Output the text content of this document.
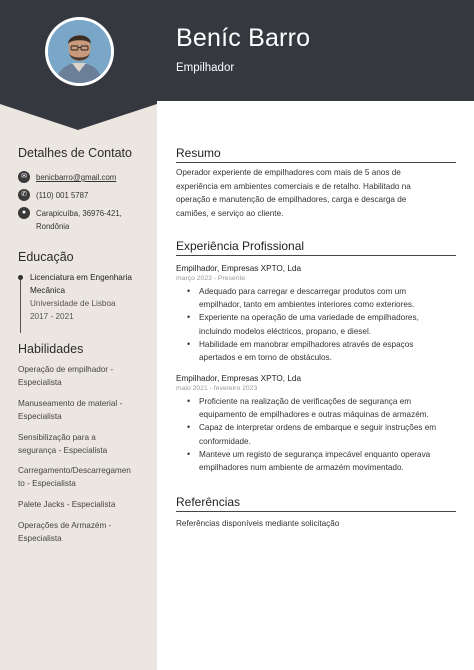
Beníc Barro
Empilhador
Detalhes de Contato
✉	benicbarro@gmail.com
✆	(110) 001 5787
●	Carapicuíba, 36976-421,
Rondônia
Educação
Licenciatura em Engenharia
Mecânica
Universidade de Lisboa
2017 - 2021
Habilidades
Operação de empilhador -
Especialista
Manuseamento de material -
Especialista
Sensibilização para a
segurança - Especialista
Carregamento/Descarregamen
to - Especialista
Palete Jacks - Especialista
Operações de Armazém -
Especialista
Resumo
Operador experiente de empilhadores com mais de 5 anos de
experiência em ambientes comerciais e de retalho. Habilitado na
operação e manutenção de empilhadores, carga e descarga de
camiões, e serviço ao cliente.
Experiência Profissional
Empilhador, Empresas XPTO, Lda
março 2023 - Presente
• Adequado para carregar e descarregar produtos com um
empilhador, tanto em ambientes interiores como exteriores.
• Experiente na operação de uma variedade de empilhadores,
incluindo modelos eléctricos, propano, e diesel.
• Habilidade em manobrar empilhadores através de espaços
apertados e em torno de obstáculos.
Empilhador, Empresas XPTO, Lda
maio 2021 - fevereiro 2023
• Proficiente na realização de verificações de segurança em
equipamento de empilhadores e outras máquinas de armazém.
• Capaz de interpretar ordens de embarque e seguir instruções em
conformidade.
• Manteve um registo de segurança impecável enquanto operava
empilhadores num ambiente de armazém movimentado.
Referências
Referências disponíveis mediante solicitação
